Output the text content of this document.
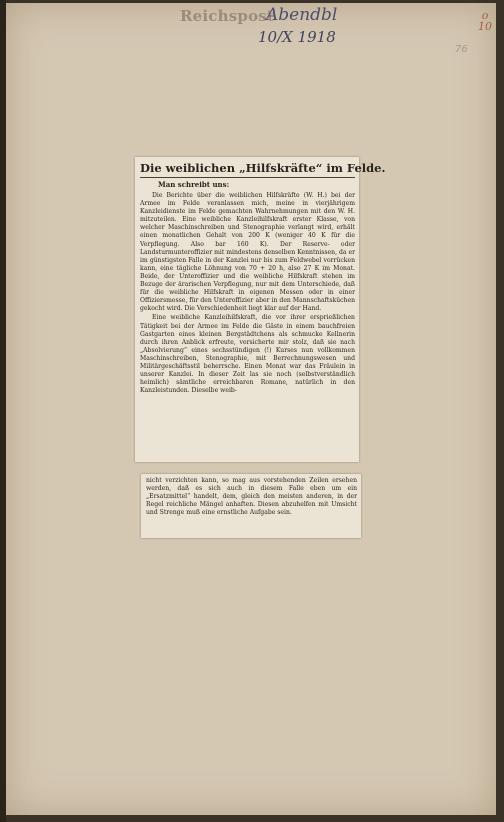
Reichspost
Abendbl
10/X 1918
o
10
76
Die weiblichen „Hilfskräfte“ im Felde.
Man schreibt uns:

Die Berichte über die weiblichen Hilfskräfte (W. H.) bei der Armee im Felde veranlassen mich, meine in vierjährigem Kanzleidienste im Felde gemachten Wahrnehmungen mit den W. H. mitzuteilen. Eine weibliche Kanzleihilfskraft erster Klasse, von welcher Maschinschreiben und Stenographie verlangt wird, erhält einen monatlichen Gehalt von 200 K (weniger 40 K für die Verpflegung. Also bar 160 K). Der Reserve- oder Landsturmunteroffizier mit mindestens denselben Kenntnissen, da er im günstigsten Falle in der Kanzlei nur bis zum Feldwebel vorrücken kann, eine tägliche Löhnung von 70 + 20 h, also 27 K im Monat. Beide, der Unteroffizier und die weibliche Hilfskraft stehen im Bezuge der ärarischen Verpflegung, nur mit dem Unterschiede, daß für die weibliche Hilfskraft in eigenen Messen oder in einer Offiziersmesse, für den Unteroffizier aber in den Mannschaftsküchen gekocht wird. Die Verschiedenheit liegt klar auf der Hand.

Eine weibliche Kanzleihilfskraft, die vor ihrer ersprießlichen Tätigkeit bei der Armee im Felde die Gäste in einem bauchfreien Gastgarten eines kleinen Bergstädtchens als schmucke Kellnerin durch ihren Anblick erfreute, versicherte mir stolz, daß sie nach „Absolvierung“ eines sechsstündigen (!) Kurses nun vollkommen Maschinschreiben, Stenographie, mit Berrechnungswesen und Militärgeschäftsstil beherrsche. Einen Monat war das Fräulein in unserer Kanzlei. In dieser Zeit las sie noch (selbstverständlich heimlich) sämtliche erreichbaren Romane, natürlich in den Kanzleistunden. Dieselbe weib-

nicht verzichten kann, so mag aus vorstehenden Zeilen ersehen werden, daß es sich auch in diesem Falle eben um ein „Ersatzmittel“ handelt, dem, gleich den meisten anderen, in der Regel reichliche Mängel anhaften. Diesen abzuhelfen mit Umsicht und Strenge muß eine ernstliche Aufgabe sein.
